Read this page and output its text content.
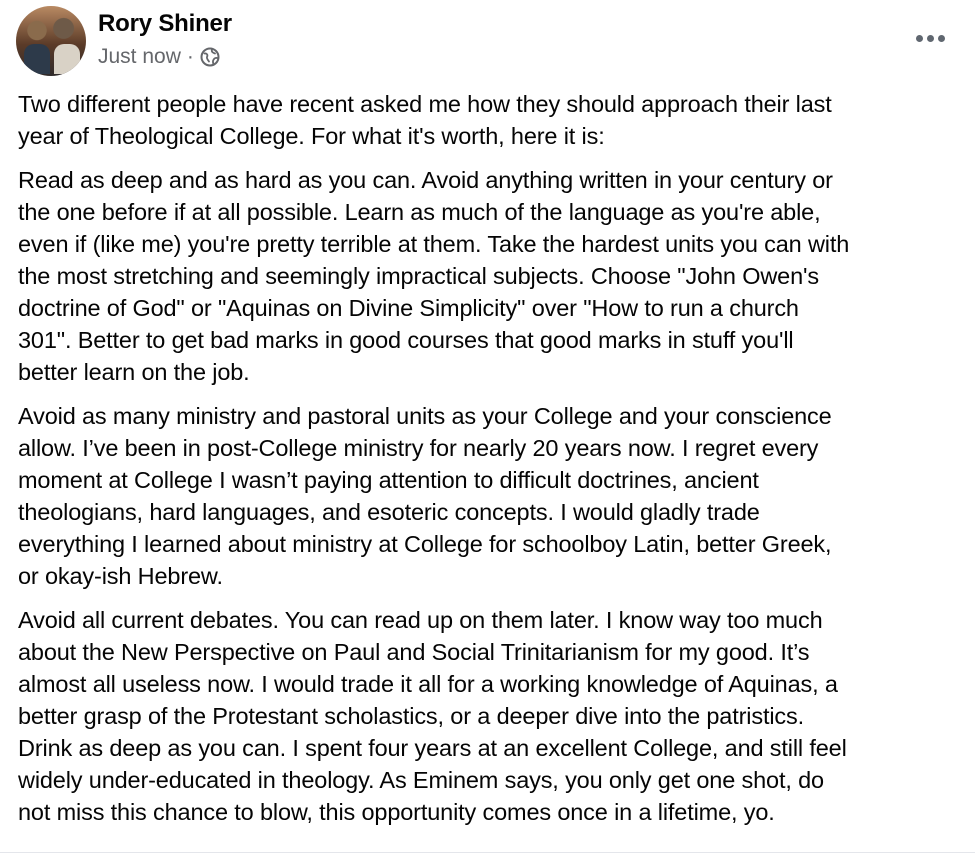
Rory Shiner
Just now ·

Two different people have recent asked me how they should approach their last
year of Theological College. For what it's worth, here it is:

Read as deep and as hard as you can. Avoid anything written in your century or
the one before if at all possible. Learn as much of the language as you're able,
even if (like me) you're pretty terrible at them. Take the hardest units you can with
the most stretching and seemingly impractical subjects. Choose "John Owen's
doctrine of God" or "Aquinas on Divine Simplicity" over "How to run a church
301". Better to get bad marks in good courses that good marks in stuff you'll
better learn on the job.

Avoid as many ministry and pastoral units as your College and your conscience
allow. I’ve been in post-College ministry for nearly 20 years now. I regret every
moment at College I wasn’t paying attention to difficult doctrines, ancient
theologians, hard languages, and esoteric concepts. I would gladly trade
everything I learned about ministry at College for schoolboy Latin, better Greek,
or okay-ish Hebrew.

Avoid all current debates. You can read up on them later. I know way too much
about the New Perspective on Paul and Social Trinitarianism for my good. It’s
almost all useless now. I would trade it all for a working knowledge of Aquinas, a
better grasp of the Protestant scholastics, or a deeper dive into the patristics.
Drink as deep as you can. I spent four years at an excellent College, and still feel
widely under-educated in theology. As Eminem says, you only get one shot, do
not miss this chance to blow, this opportunity comes once in a lifetime, yo.
